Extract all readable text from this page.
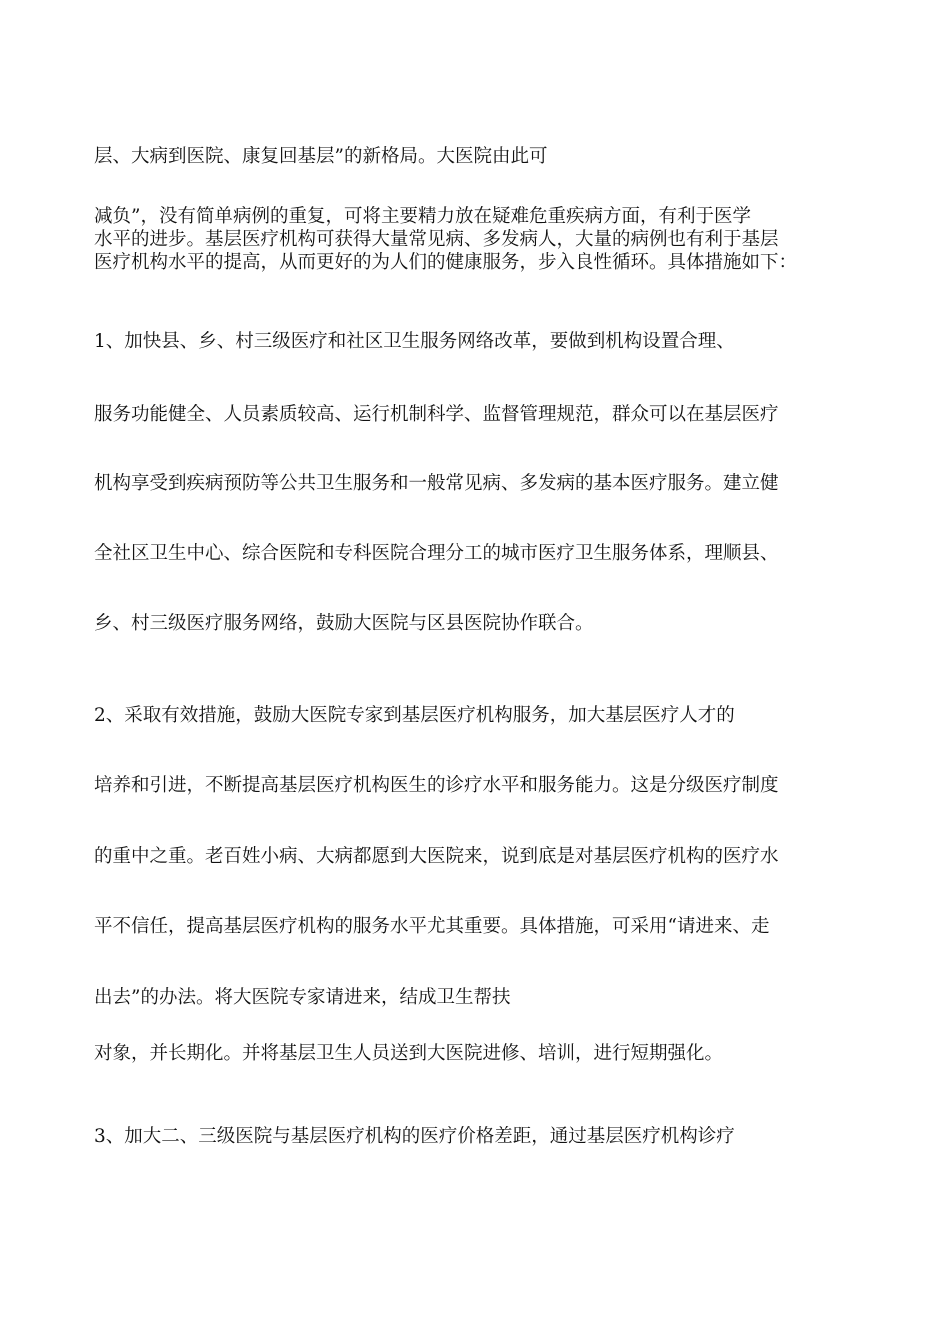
层、大病到医院、康复回基层”的新格局。大医院由此可
减负”，没有简单病例的重复，可将主要精力放在疑难危重疾病方面，有利于医学
水平的进步。基层医疗机构可获得大量常见病、多发病人，大量的病例也有利于基层
医疗机构水平的提高，从而更好的为人们的健康服务，步入良性循环。具体措施如下：
1、加快县、乡、村三级医疗和社区卫生服务网络改革，要做到机构设置合理、
服务功能健全、人员素质较高、运行机制科学、监督管理规范，群众可以在基层医疗
机构享受到疾病预防等公共卫生服务和一般常见病、多发病的基本医疗服务。建立健
全社区卫生中心、综合医院和专科医院合理分工的城市医疗卫生服务体系，理顺县、
乡、村三级医疗服务网络，鼓励大医院与区县医院协作联合。
2、采取有效措施，鼓励大医院专家到基层医疗机构服务，加大基层医疗人才的
培养和引进，不断提高基层医疗机构医生的诊疗水平和服务能力。这是分级医疗制度
的重中之重。老百姓小病、大病都愿到大医院来，说到底是对基层医疗机构的医疗水
平不信任，提高基层医疗机构的服务水平尤其重要。具体措施，可采用“请进来、走
出去”的办法。将大医院专家请进来，结成卫生帮扶
对象，并长期化。并将基层卫生人员送到大医院进修、培训，进行短期强化。
3、加大二、三级医院与基层医疗机构的医疗价格差距，通过基层医疗机构诊疗
